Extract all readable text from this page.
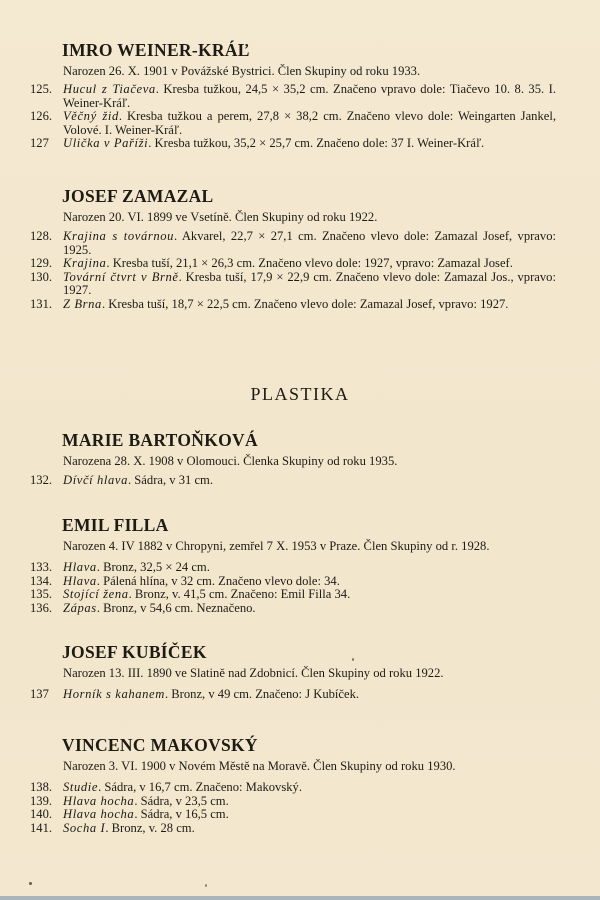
IMRO WEINER-KRÁĽ
Narozen 26. X. 1901 v Povážské Bystrici. Člen Skupiny od roku 1933.
125. Hucul z Tiačeva. Kresba tužkou, 24,5 × 35,2 cm. Značeno vpravo dole: Tiačevo 10. 8. 35. I. Weiner-Kráľ.
126. Věčný žid. Kresba tužkou a perem, 27,8 × 38,2 cm. Značeno vlevo dole: Weingarten Jankel, Volové. I. Weiner-Kráľ.
127	Ulička v Paříži. Kresba tužkou, 35,2 × 25,7 cm. Značeno dole: 37 I. Weiner-Kráľ.
JOSEF ZAMAZAL
Narozen 20. VI. 1899 ve Vsetíně. Člen Skupiny od roku 1922.
128. Krajina s továrnou. Akvarel, 22,7 × 27,1 cm. Značeno vlevo dole: Zamazal Josef, vpravo: 1925.
129. Krajina. Kresba tuší, 21,1 × 26,3 cm. Značeno vlevo dole: 1927, vpravo: Zamazal Josef.
130. Tovární čtvrt v Brně. Kresba tuší, 17,9 × 22,9 cm. Značeno vlevo dole: Zamazal Jos., vpravo: 1927.
131. Z Brna. Kresba tuší, 18,7 × 22,5 cm. Značeno vlevo dole: Zamazal Josef, vpravo: 1927.
PLASTIKA
MARIE BARTOŇKOVÁ
Narozena 28. X. 1908 v Olomouci. Členka Skupiny od roku 1935.
132. Dívčí hlava. Sádra, v 31 cm.
EMIL FILLA
Narozen 4. IV 1882 v Chropyni, zemřel 7 X. 1953 v Praze. Člen Skupiny od r. 1928.
133. Hlava. Bronz, 32,5 × 24 cm.
134. Hlava. Pálená hlína, v 32 cm. Značeno vlevo dole: 34.
135. Stojící žena. Bronz, v. 41,5 cm. Značeno: Emil Filla 34.
136. Zápas. Bronz, v 54,6 cm. Neznačeno.
JOSEF KUBÍČEK
Narozen 13. III. 1890 ve Slatině nad Zdobnicí. Člen Skupiny od roku 1922.
137	Horník s kahanem. Bronz, v 49 cm. Značeno: J Kubíček.
VINCENC MAKOVSKÝ
Narozen 3. VI. 1900 v Novém Městě na Moravě. Člen Skupiny od roku 1930.
138. Studie. Sádra, v 16,7 cm. Značeno: Makovský.
139. Hlava hocha. Sádra, v 23,5 cm.
140. Hlava hocha. Sádra, v 16,5 cm.
141. Socha I. Bronz, v. 28 cm.
